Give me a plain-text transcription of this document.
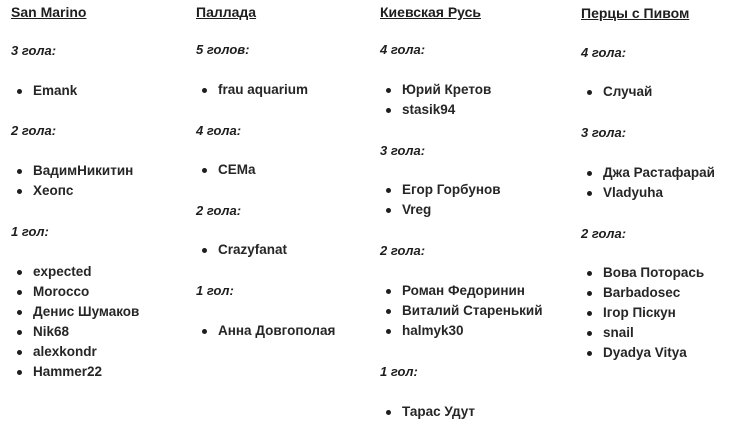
San Marino
3 гола:
Emank
2 гола:
ВадимНикитин
Хеопс
1 гол:
expected
Morocco
Денис Шумаков
Nik68
alexkondr
Hammer22
Паллада
5 голов:
frau aquarium
4 гола:
CEMa
2 гола:
Crazyfanat
1 гол:
Анна Довгополая
Киевская Русь
4 гола:
Юрий Кретов
stasik94
3 гола:
Егор Горбунов
Vreg
2 гола:
Роман Федоринин
Виталий Старенький
halmyk30
1 гол:
Тарас Удут
Перцы с Пивом
4 гола:
Случай
3 гола:
Джа Растафарай
Vladyuha
2 гола:
Вова Поторась
Barbadosec
Ігор Піскун
snail
Dyadya Vitya
